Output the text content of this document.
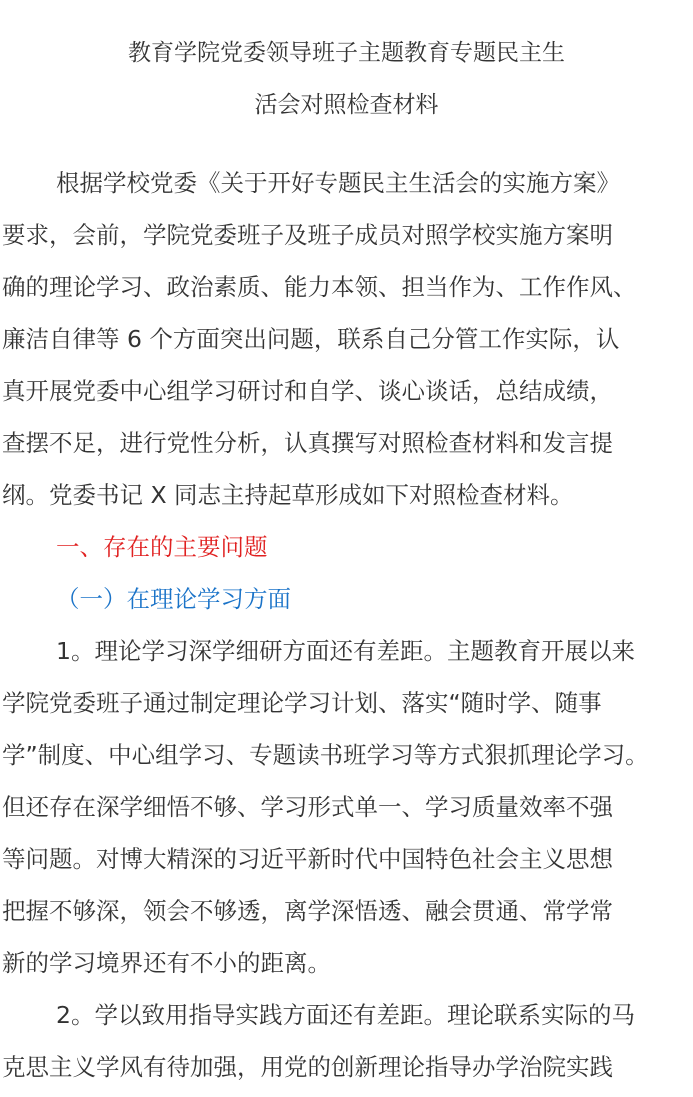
教育学院党委领导班子主题教育专题民主生
活会对照检查材料
根据学校党委《关于开好专题民主生活会的实施方案》
要求，会前，学院党委班子及班子成员对照学校实施方案明
确的理论学习、政治素质、能力本领、担当作为、工作作风、
廉洁自律等 6 个方面突出问题，联系自己分管工作实际，认
真开展党委中心组学习研讨和自学、谈心谈话，总结成绩，
查摆不足，进行党性分析，认真撰写对照检查材料和发言提
纲。党委书记 X 同志主持起草形成如下对照检查材料。
一、存在的主要问题
（一）在理论学习方面
1。理论学习深学细研方面还有差距。主题教育开展以来
学院党委班子通过制定理论学习计划、落实“随时学、随事
学”制度、中心组学习、专题读书班学习等方式狠抓理论学习。
但还存在深学细悟不够、学习形式单一、学习质量效率不强
等问题。对博大精深的习近平新时代中国特色社会主义思想
把握不够深，领会不够透，离学深悟透、融会贯通、常学常
新的学习境界还有不小的距离。
2。学以致用指导实践方面还有差距。理论联系实际的马
克思主义学风有待加强，用党的创新理论指导办学治院实践
